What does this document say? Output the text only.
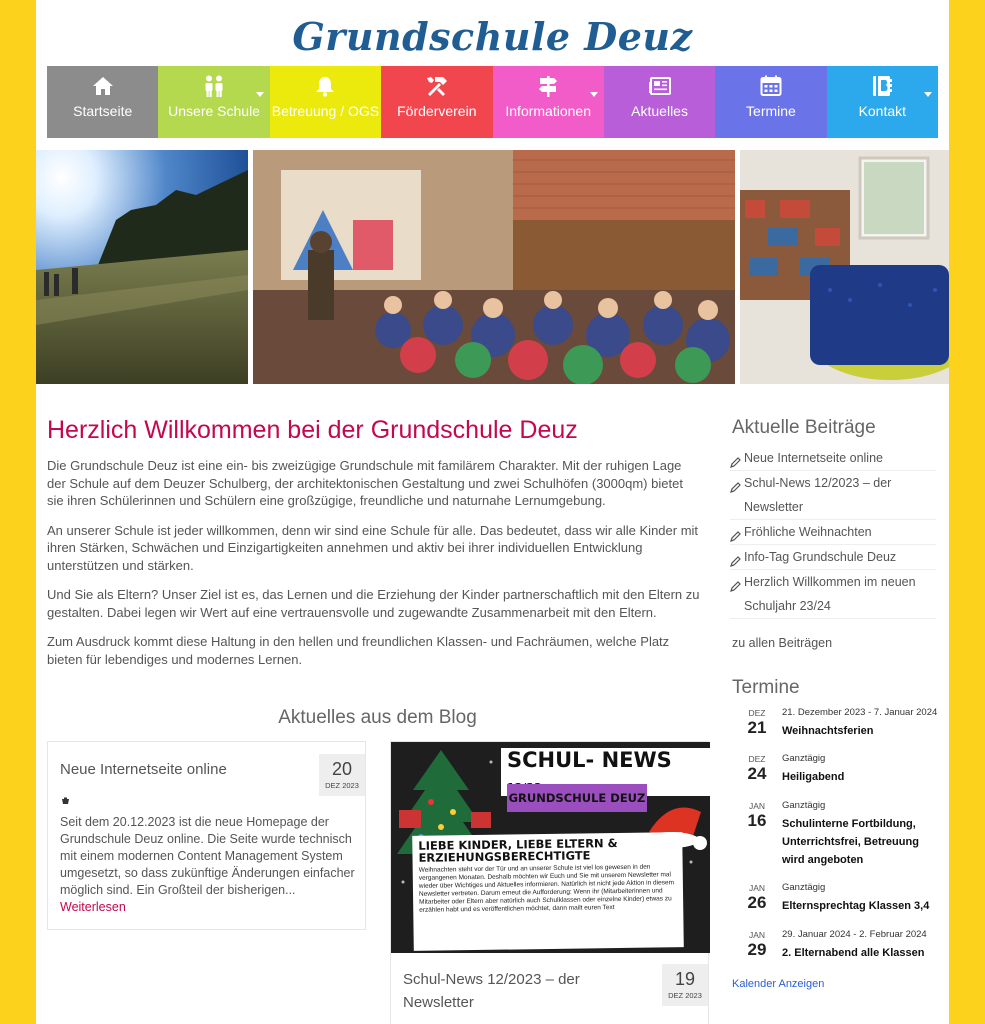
Grundschule Deuz
Startseite	Unsere Schule Betreuung / OGS Förderverein Informationen	Aktuelles	Termine	Kontakt
Herzlich Willkommen bei der Grundschule Deuz

Die Grundschule Deuz ist eine ein- bis zweizügige Grundschule mit familärem Charakter. Mit der ruhigen Lage der Schule auf dem Deuzer Schulberg, der architektonischen Gestaltung und zwei Schulhöfen (3000qm) bietet sie ihren Schülerinnen und Schülern eine großzügige, freundliche und naturnahe Lernumgebung.

An unserer Schule ist jeder willkommen, denn wir sind eine Schule für alle. Das bedeutet, dass wir alle Kinder mit ihren Stärken, Schwächen und Einzigartigkeiten annehmen und aktiv bei ihrer individuellen Entwicklung unterstützen und stärken.

Und Sie als Eltern? Unser Ziel ist es, das Lernen und die Erziehung der Kinder partnerschaftlich mit den Eltern zu gestalten. Dabei legen wir Wert auf eine vertrauensvolle und zugewandte Zusammenarbeit mit den Eltern.

Zum Ausdruck kommt diese Haltung in den hellen und freundlichen Klassen- und Fachräumen, welche Platz bieten für lebendiges und modernes Lernen.

Aktuelles aus dem Blog
Neue Internetseite online	20
DEZ 2023
Seit dem 20.12.2023 ist die neue Homepage der Grundschule Deuz online. Die Seite wurde technisch mit einem modernen Content Management System umgesetzt, so dass zukünftige Änderungen einfacher möglich sind. Ein Großteil der bisherigen...
Weiterlesen
SCHUL- NEWS
GRUNDSCHULE DEUZ
LIEBE KINDER, LIEBE ELTERN & ERZIEHUNGSBERECHTIGTE
Weihnachten steht vor der Tür und an unserer Schule ist viel los gewesen in den vergangenen Monaten. Deshalb möchten wir Euch und Sie mit unserem Newsletter mal wieder über Wichtiges und Aktuelles informieren. Natürlich ist nicht jede Aktion in diesem Newsletter vertreten. Darum erneut die Aufforderung: Wenn ihr (Mitarbeiterinnen und Mitarbeiter oder Eltern aber natürlich auch Schulklassen oder einzelne Kinder) etwas zu erzählen habt und es veröffentlichen möchtet, dann mailt euren Text
Schul-News 12/2023 – der Newsletter
19
DEZ 2023
Aktuelle Beiträge
Neue Internetseite online
Schul-News 12/2023 – der Newsletter
Fröhliche Weihnachten
Info-Tag Grundschule Deuz
Herzlich Willkommen im neuen Schuljahr 23/24
zu allen Beiträgen
Termine
DEZ
21
21. Dezember 2023 - 7. Januar 2024
Weihnachtsferien
DEZ
24
Ganztägig
Heiligabend
JAN
16
Ganztägig
Schulinterne Fortbildung, Unterrichtsfrei, Betreuung wird angeboten
JAN
26
Ganztägig
Elternsprechtag Klassen 3,4
JAN
29
29. Januar 2024 - 2. Februar 2024
2. Elternabend alle Klassen
Kalender Anzeigen
